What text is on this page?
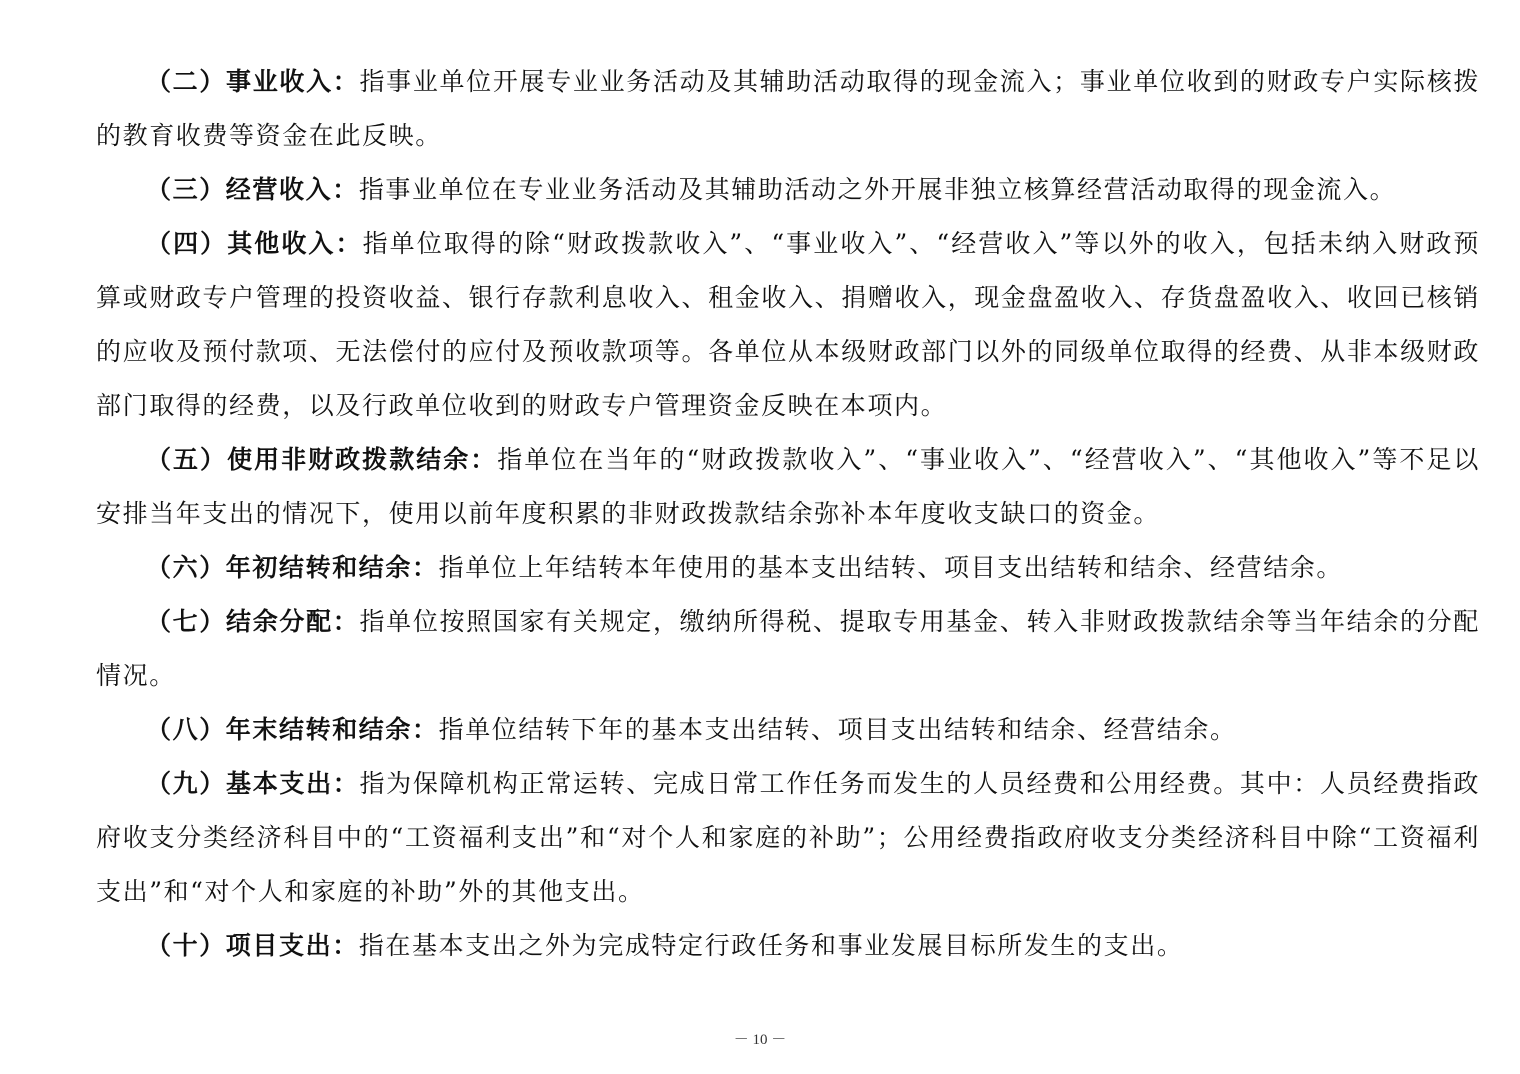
（二）事业收入：指事业单位开展专业业务活动及其辅助活动取得的现金流入；事业单位收到的财政专户实际核拨的教育收费等资金在此反映。

（三）经营收入：指事业单位在专业业务活动及其辅助活动之外开展非独立核算经营活动取得的现金流入。

（四）其他收入：指单位取得的除“财政拨款收入”、“事业收入”、“经营收入”等以外的收入，包括未纳入财政预算或财政专户管理的投资收益、银行存款利息收入、租金收入、捐赠收入，现金盘盈收入、存货盘盈收入、收回已核销的应收及预付款项、无法偿付的应付及预收款项等。各单位从本级财政部门以外的同级单位取得的经费、从非本级财政部门取得的经费，以及行政单位收到的财政专户管理资金反映在本项内。

（五）使用非财政拨款结余：指单位在当年的“财政拨款收入”、“事业收入”、“经营收入”、“其他收入”等不足以安排当年支出的情况下，使用以前年度积累的非财政拨款结余弥补本年度收支缺口的资金。

（六）年初结转和结余：指单位上年结转本年使用的基本支出结转、项目支出结转和结余、经营结余。

（七）结余分配：指单位按照国家有关规定，缴纳所得税、提取专用基金、转入非财政拨款结余等当年结余的分配情况。

（八）年末结转和结余：指单位结转下年的基本支出结转、项目支出结转和结余、经营结余。

（九）基本支出：指为保障机构正常运转、完成日常工作任务而发生的人员经费和公用经费。其中：人员经费指政府收支分类经济科目中的“工资福利支出”和“对个人和家庭的补助”；公用经费指政府收支分类经济科目中除“工资福利支出”和“对个人和家庭的补助”外的其他支出。

（十）项目支出：指在基本支出之外为完成特定行政任务和事业发展目标所发生的支出。

－ 10 －
